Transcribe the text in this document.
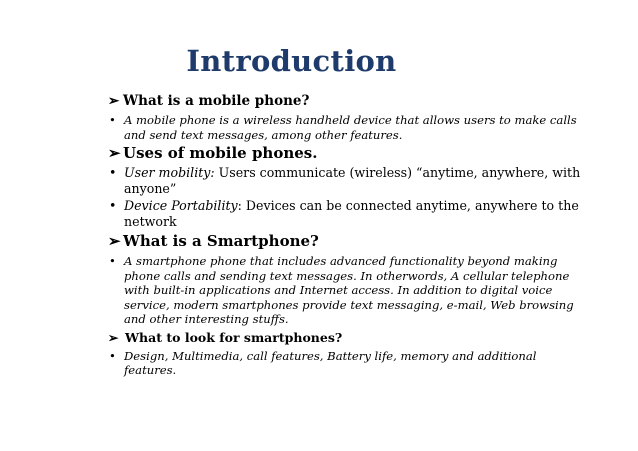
Introduction
➢ What is a mobile phone?
• A mobile phone is a wireless handheld device that allows users to make calls and send text messages, among other features.
➢ Uses of mobile phones.
• User mobility: Users communicate (wireless) “anytime, anywhere, with anyone”
• Device Portability: Devices can be connected anytime, anywhere to the network
➢ What is a Smartphone?
• A smartphone phone that includes advanced functionality beyond making phone calls and sending text messages. In otherwords, A cellular telephone with built-in applications and Internet access. In addition to digital voice service, modern smartphones provide text messaging, e-mail, Web browsing and other interesting stuffs.
➢ What to look for smartphones?
• Design, Multimedia, call features, Battery life, memory and additional features.
